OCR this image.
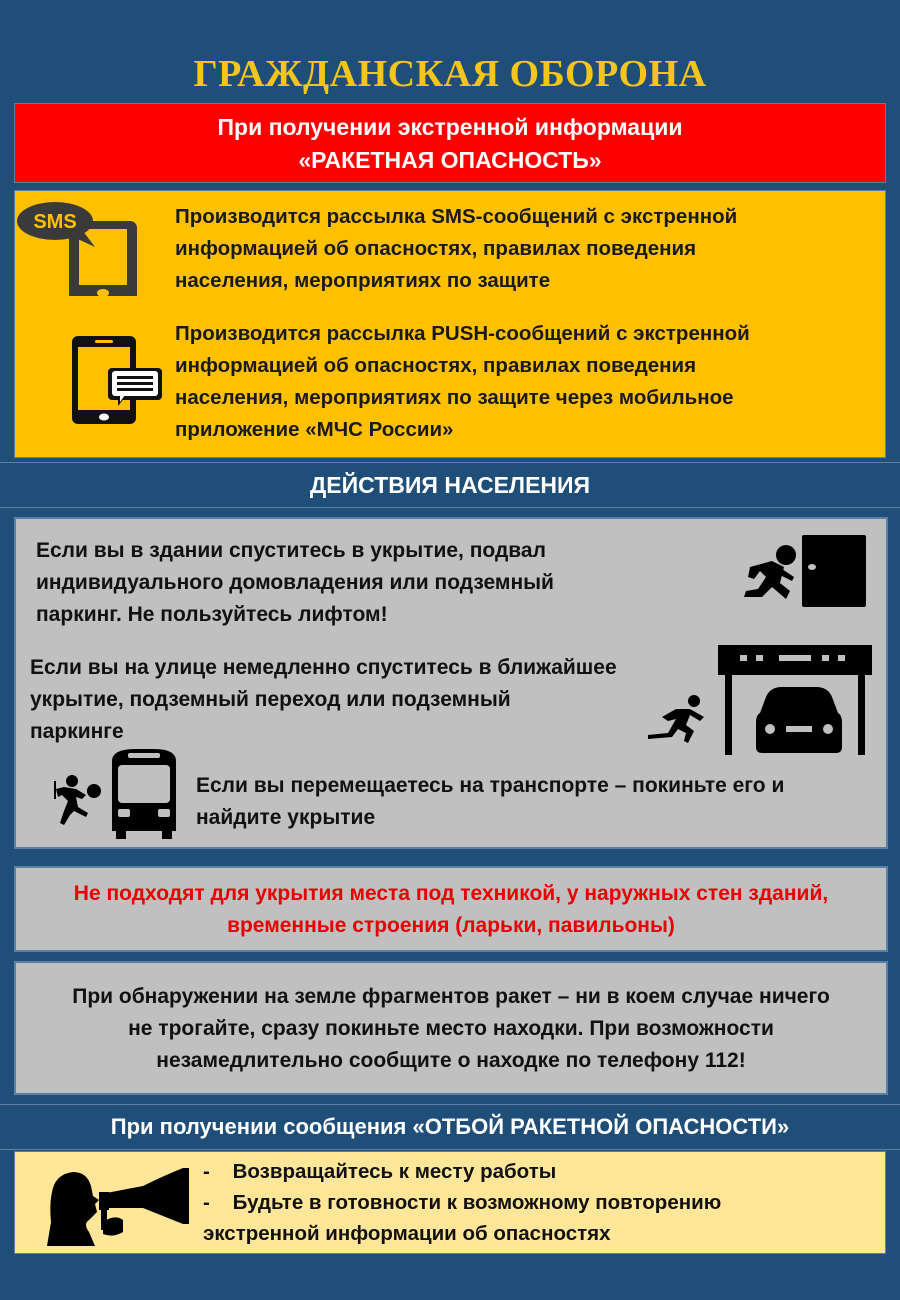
ГРАЖДАНСКАЯ ОБОРОНА
При получении экстренной информации
«РАКЕТНАЯ ОПАСНОСТЬ»
SMS	Производится рассылка SMS-сообщений с экстренной
информацией об опасностях, правилах поведения
населения, мероприятиях по защите
Производится рассылка PUSH-сообщений с экстренной
информацией об опасностях, правилах поведения
населения, мероприятиях по защите через мобильное
приложение «МЧС России»
ДЕЙСТВИЯ НАСЕЛЕНИЯ
Если вы в здании спуститесь в укрытие, подвал
индивидуального домовладения или подземный
паркинг. Не пользуйтесь лифтом!
Если вы на улице немедленно спуститесь в ближайшее
укрытие, подземный переход или подземный
паркинге
Если вы перемещаетесь на транспорте – покиньте его и
найдите укрытие
Не подходят для укрытия места под техникой, у наружных стен зданий,
временные строения (ларьки, павильоны)
При обнаружении на земле фрагментов ракет – ни в коем случае ничего
не трогайте, сразу покиньте место находки. При возможности
незамедлительно сообщите о находке по телефону 112!
При получении сообщения «ОТБОЙ РАКЕТНОЙ ОПАСНОСТИ»
-    Возвращайтесь к месту работы
-    Будьте в готовности к возможному повторению
экстренной информации об опасностях
